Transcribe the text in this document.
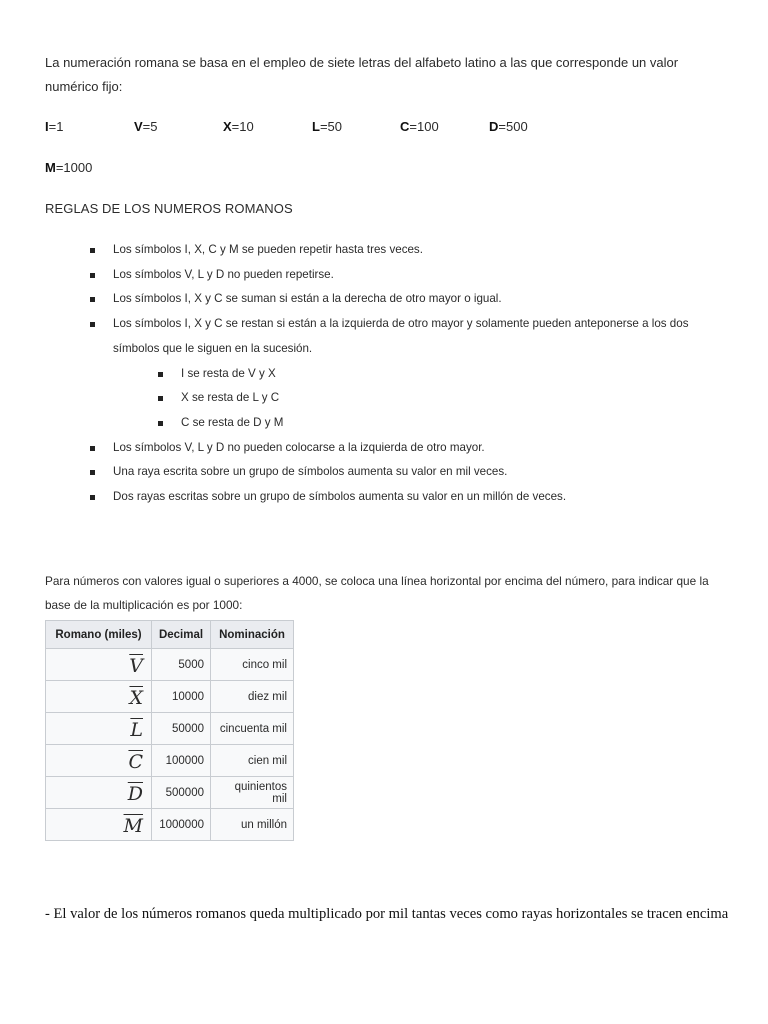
La numeración romana se basa en el empleo de siete letras del alfabeto latino a las que corresponde un valor numérico fijo:

I=1	V=5	X=10	L=50	C=100	D=500
M=1000
REGLAS DE LOS NUMEROS ROMANOS
Los símbolos I, X, C y M se pueden repetir hasta tres veces.
Los símbolos V, L y D no pueden repetirse.
Los símbolos I, X y C se suman si están a la derecha de otro mayor o igual.
Los símbolos I, X y C se restan si están a la izquierda de otro mayor y solamente pueden anteponerse a los dos símbolos que le siguen en la sucesión.
I se resta de V y X
X se resta de L y C
C se resta de D y M
Los símbolos V, L y D no pueden colocarse a la izquierda de otro mayor.
Una raya escrita sobre un grupo de símbolos aumenta su valor en mil veces.
Dos rayas escritas sobre un grupo de símbolos aumenta su valor en un millón de veces.

Para números con valores igual o superiores a 4000, se coloca una línea horizontal por encima del número, para indicar que la base de la multiplicación es por 1000:

Romano (miles)	Decimal	Nominación
$\overline{V}$	5000	cinco mil
$\overline{X}$	10000	diez mil
$\overline{L}$	50000	cincuenta mil
$\overline{C}$	100000	cien mil
$\overline{D}$	500000	quinientos mil
$\overline{M}$	1000000	un millón

- El valor de los números romanos queda multiplicado por mil tantas veces como rayas horizontales se tracen encima
